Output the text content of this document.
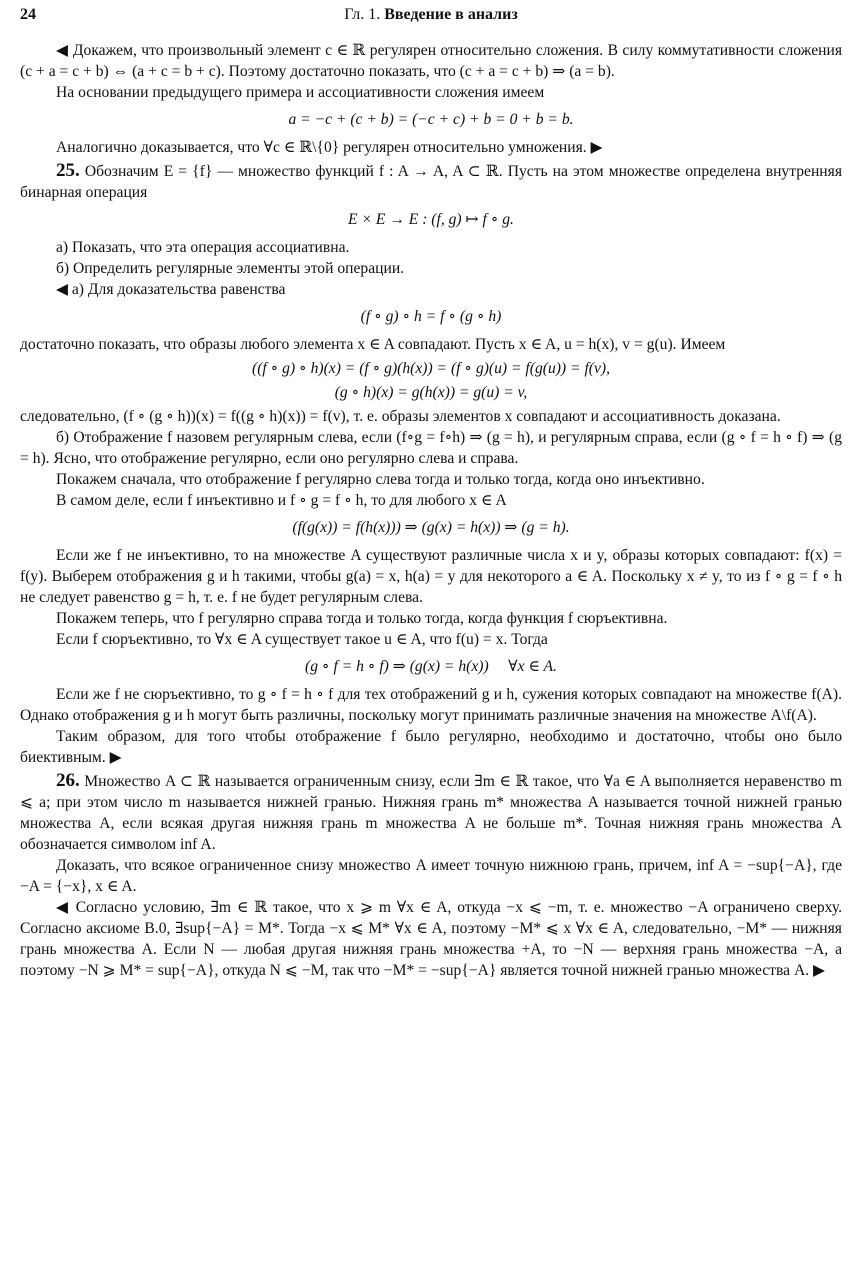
24	Гл. 1. Введение в анализ

◀ Докажем, что произвольный элемент c ∈ ℝ регулярен относительно сложения. В силу коммутативности сложения (c + a = c + b) ⇔ (a + c = b + c). Поэтому достаточно показать, что (c + a = c + b) ⇒ (a = b).

На основании предыдущего примера и ассоциативности сложения имеем

a = −c + (c + b) = (−c + c) + b = 0 + b = b.

Аналогично доказывается, что ∀c ∈ ℝ\{0} регулярен относительно умножения. ▶

25. Обозначим E = {f} — множество функций f : A → A, A ⊂ ℝ. Пусть на этом множестве определена внутренняя бинарная операция

E × E → E : (f, g) ↦ f ∘ g.

а) Показать, что эта операция ассоциативна.

б) Определить регулярные элементы этой операции.

◀ а) Для доказательства равенства

(f ∘ g) ∘ h = f ∘ (g ∘ h)

достаточно показать, что образы любого элемента x ∈ A совпадают. Пусть x ∈ A, u = h(x), v = g(u). Имеем

((f ∘ g) ∘ h)(x) = (f ∘ g)(h(x)) = (f ∘ g)(u) = f(g(u)) = f(v),
(g ∘ h)(x) = g(h(x)) = g(u) = v,

следовательно, (f ∘ (g ∘ h))(x) = f((g ∘ h)(x)) = f(v), т. е. образы элементов x совпадают и ассоциативность доказана.

б) Отображение f назовем регулярным слева, если (f∘g = f∘h) ⇒ (g = h), и регулярным справа, если (g ∘ f = h ∘ f) ⇒ (g = h). Ясно, что отображение регулярно, если оно регулярно слева и справа.

Покажем сначала, что отображение f регулярно слева тогда и только тогда, когда оно инъективно.

В самом деле, если f инъективно и f ∘ g = f ∘ h, то для любого x ∈ A

(f(g(x)) = f(h(x))) ⇒ (g(x) = h(x)) ⇒ (g = h).

Если же f не инъективно, то на множестве A существуют различные числа x и y, образы которых совпадают: f(x) = f(y). Выберем отображения g и h такими, чтобы g(a) = x, h(a) = y для некоторого a ∈ A. Поскольку x ≠ y, то из f ∘ g = f ∘ h не следует равенство g = h, т. е. f не будет регулярным слева.

Покажем теперь, что f регулярно справа тогда и только тогда, когда функция f сюръективна.

Если f сюръективно, то ∀x ∈ A существует такое u ∈ A, что f(u) = x. Тогда

(g ∘ f = h ∘ f) ⇒ (g(x) = h(x))     ∀x ∈ A.

Если же f не сюръективно, то g ∘ f = h ∘ f для тех отображений g и h, сужения которых совпадают на множестве f(A). Однако отображения g и h могут быть различны, поскольку могут принимать различные значения на множестве A\f(A).

Таким образом, для того чтобы отображение f было регулярно, необходимо и достаточно, чтобы оно было биективным. ▶

26. Множество A ⊂ ℝ называется ограниченным снизу, если ∃m ∈ ℝ такое, что ∀a ∈ A выполняется неравенство m ⩽ a; при этом число m называется нижней гранью. Нижняя грань m* множества A называется точной нижней гранью множества A, если всякая другая нижняя грань m множества A не больше m*. Точная нижняя грань множества A обозначается символом inf A.

Доказать, что всякое ограниченное снизу множество A имеет точную нижнюю грань, причем, inf A = −sup{−A}, где −A = {−x}, x ∈ A.

◀ Согласно условию, ∃m ∈ ℝ такое, что x ⩾ m ∀x ∈ A, откуда −x ⩽ −m, т. е. множество −A ограничено сверху. Согласно аксиоме В.0, ∃sup{−A} = M*. Тогда −x ⩽ M* ∀x ∈ A, поэтому −M* ⩽ x ∀x ∈ A, следовательно, −M* — нижняя грань множества A. Если N — любая другая нижняя грань множества +A, то −N — верхняя грань множества −A, а поэтому −N ⩾ M* = sup{−A}, откуда N ⩽ −M, так что −M* = −sup{−A} является точной нижней гранью множества A. ▶
